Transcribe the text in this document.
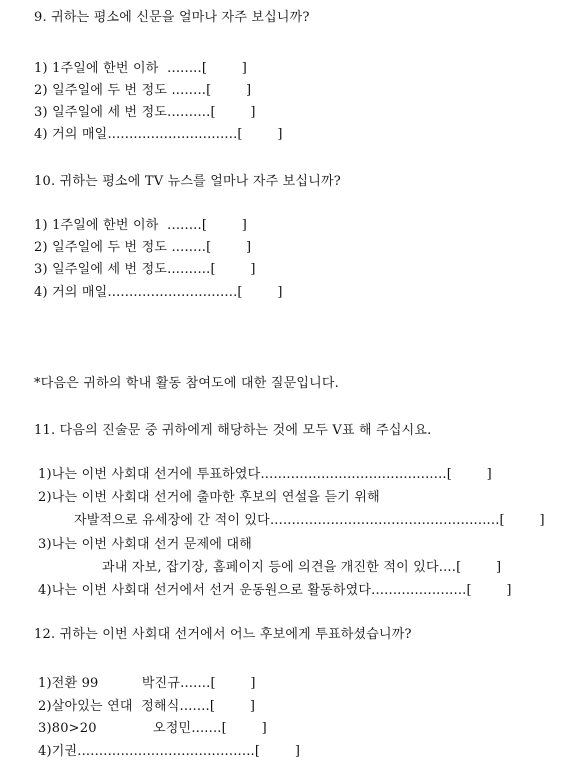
9. 귀하는 평소에 신문을 얼마나 자주 보십니까?
1) 1주일에 한번 이하  ........[        ]
2) 일주일에 두 번 정도 ........[        ]
3) 일주일에 세 번 정도..........[        ]
4) 거의 매일..............................[        ]
10. 귀하는 평소에 TV 뉴스를 얼마나 자주 보십니까?
1) 1주일에 한번 이하  ........[        ]
2) 일주일에 두 번 정도 ........[        ]
3) 일주일에 세 번 정도..........[        ]
4) 거의 매일..............................[        ]
*다음은 귀하의 학내 활동 참여도에 대한 질문입니다.
11. 다음의 진술문 중 귀하에게 해당하는 것에 모두 V표 해 주십시요.
1)나는 이번 사회대 선거에 투표하였다...........................................[        ]
2)나는 이번 사회대 선거에 출마한 후보의 연설을 듣기 위해
자발적으로 유세장에 간 적이 있다.....................................................[        ]
3)나는 이번 사회대 선거 문제에 대해
과내 자보, 잡기장, 홈페이지 등에 의견을 개진한 적이 있다....[        ]
4)나는 이번 사회대 선거에서 선거 운동원으로 활동하였다......................[        ]
12. 귀하는 이번 사회대 선거에서 어느 후보에게 투표하셨습니까?
1)전환 99          박진규.......[        ]
2)살아있는 연대  정해식.......[        ]
3)80>20             오정민.......[        ]
4)기권.........................................[        ]
